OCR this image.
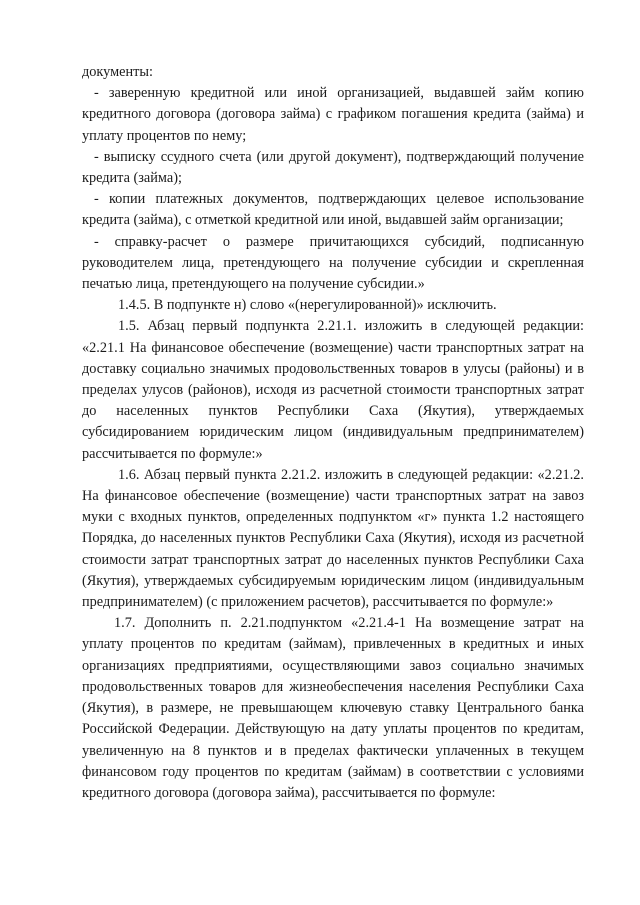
документы:

- заверенную кредитной или иной организацией, выдавшей займ копию кредитного договора (договора займа) с графиком погашения кредита (займа) и уплату процентов по нему;

- выписку ссудного счета (или другой документ), подтверждающий получение кредита (займа);

- копии платежных документов, подтверждающих целевое использование кредита (займа), с отметкой кредитной или иной, выдавшей займ организации;

- справку-расчет о размере причитающихся субсидий, подписанную руководителем лица, претендующего на получение субсидии и скрепленная печатью лица, претендующего на получение субсидии.»

1.4.5. В подпункте н) слово «(нерегулированной)» исключить.

1.5. Абзац первый подпункта 2.21.1. изложить в следующей редакции: «2.21.1 На финансовое обеспечение (возмещение) части транспортных затрат на доставку социально значимых продовольственных товаров в улусы (районы) и в пределах улусов (районов), исходя из расчетной стоимости транспортных затрат до населенных пунктов Республики Саха (Якутия), утверждаемых субсидированием юридическим лицом (индивидуальным предпринимателем) рассчитывается по формуле:»

1.6. Абзац первый пункта 2.21.2. изложить в следующей редакции: «2.21.2. На финансовое обеспечение (возмещение) части транспортных затрат на завоз муки с входных пунктов, определенных подпунктом «г» пункта 1.2 настоящего Порядка, до населенных пунктов Республики Саха (Якутия), исходя из расчетной стоимости затрат транспортных затрат до населенных пунктов Республики Саха (Якутия), утверждаемых субсидируемым юридическим лицом (индивидуальным предпринимателем) (с приложением расчетов), рассчитывается по формуле:»

1.7. Дополнить п. 2.21.подпунктом «2.21.4-1 На возмещение затрат на уплату процентов по кредитам (займам), привлеченных в кредитных и иных организациях предприятиями, осуществляющими завоз социально значимых продовольственных товаров для жизнеобеспечения населения Республики Саха (Якутия), в размере, не превышающем ключевую ставку Центрального банка Российской Федерации. Действующую на дату уплаты процентов по кредитам, увеличенную на 8 пунктов и в пределах фактически уплаченных в текущем финансовом году процентов по кредитам (займам) в соответствии с условиями кредитного договора (договора займа), рассчитывается по формуле:
